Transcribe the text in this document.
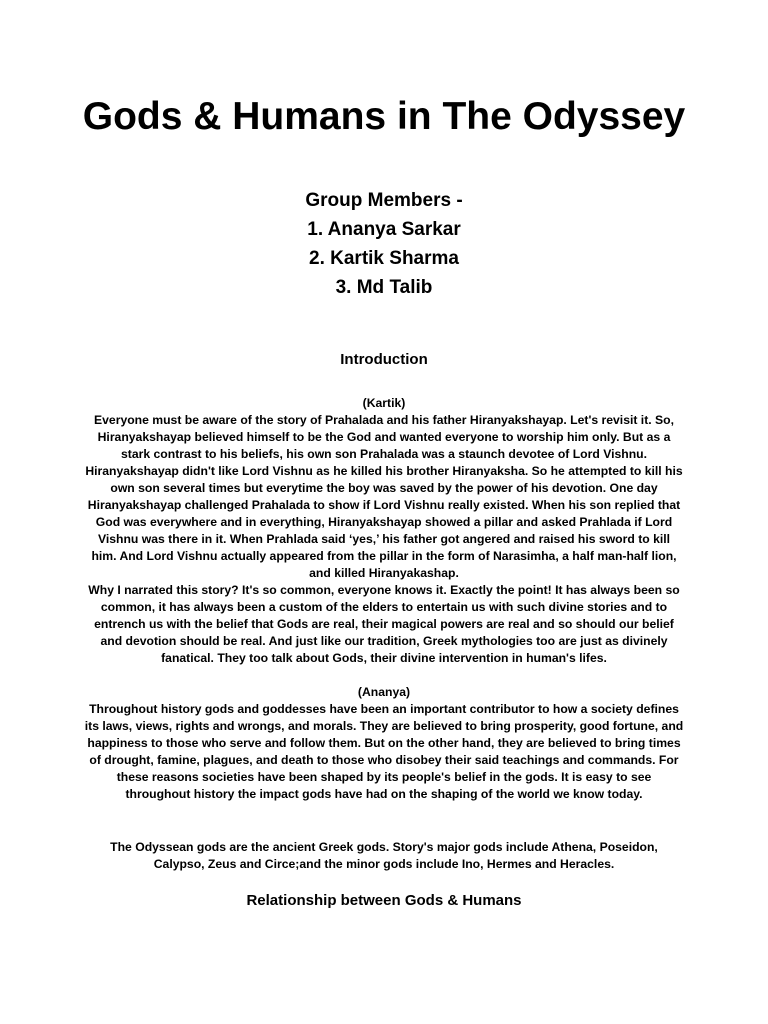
Gods & Humans in The Odyssey
Group Members -
1. Ananya Sarkar
2. Kartik Sharma
3. Md Talib
Introduction

(Kartik)

Everyone must be aware of the story of Prahalada and his father Hiranyakshayap. Let's revisit it. So, Hiranyakshayap believed himself to be the God and wanted everyone to worship him only. But as a stark contrast to his beliefs, his own son Prahalada was a staunch devotee of Lord Vishnu. Hiranyakshayap didn't like Lord Vishnu as he killed his brother Hiranyaksha. So he attempted to kill his own son several times but everytime the boy was saved by the power of his devotion. One day Hiranyakshayap challenged Prahalada to show if Lord Vishnu really existed. When his son replied that God was everywhere and in everything, Hiranyakshayap showed a pillar and asked Prahlada if Lord Vishnu was there in it. When Prahlada said ‘yes,’ his father got angered and raised his sword to kill him. And Lord Vishnu actually appeared from the pillar in the form of Narasimha, a half man-half lion, and killed Hiranyakashap.

Why I narrated this story? It's so common, everyone knows it. Exactly the point! It has always been so common, it has always been a custom of the elders to entertain us with such divine stories and to entrench us with the belief that Gods are real, their magical powers are real and so should our belief and devotion should be real. And just like our tradition, Greek mythologies too are just as divinely fanatical. They too talk about Gods, their divine intervention in human's lifes.

(Ananya)

Throughout history gods and goddesses have been an important contributor to how a society defines its laws, views, rights and wrongs, and morals. They are believed to bring prosperity, good fortune, and happiness to those who serve and follow them. But on the other hand, they are believed to bring times of drought, famine, plagues, and death to those who disobey their said teachings and commands. For these reasons societies have been shaped by its people's belief in the gods. It is easy to see throughout history the impact gods have had on the shaping of the world we know today.

The Odyssean gods are the ancient Greek gods. Story's major gods include Athena, Poseidon, Calypso, Zeus and Circe;and the minor gods include Ino, Hermes and Heracles.

Relationship between Gods & Humans
